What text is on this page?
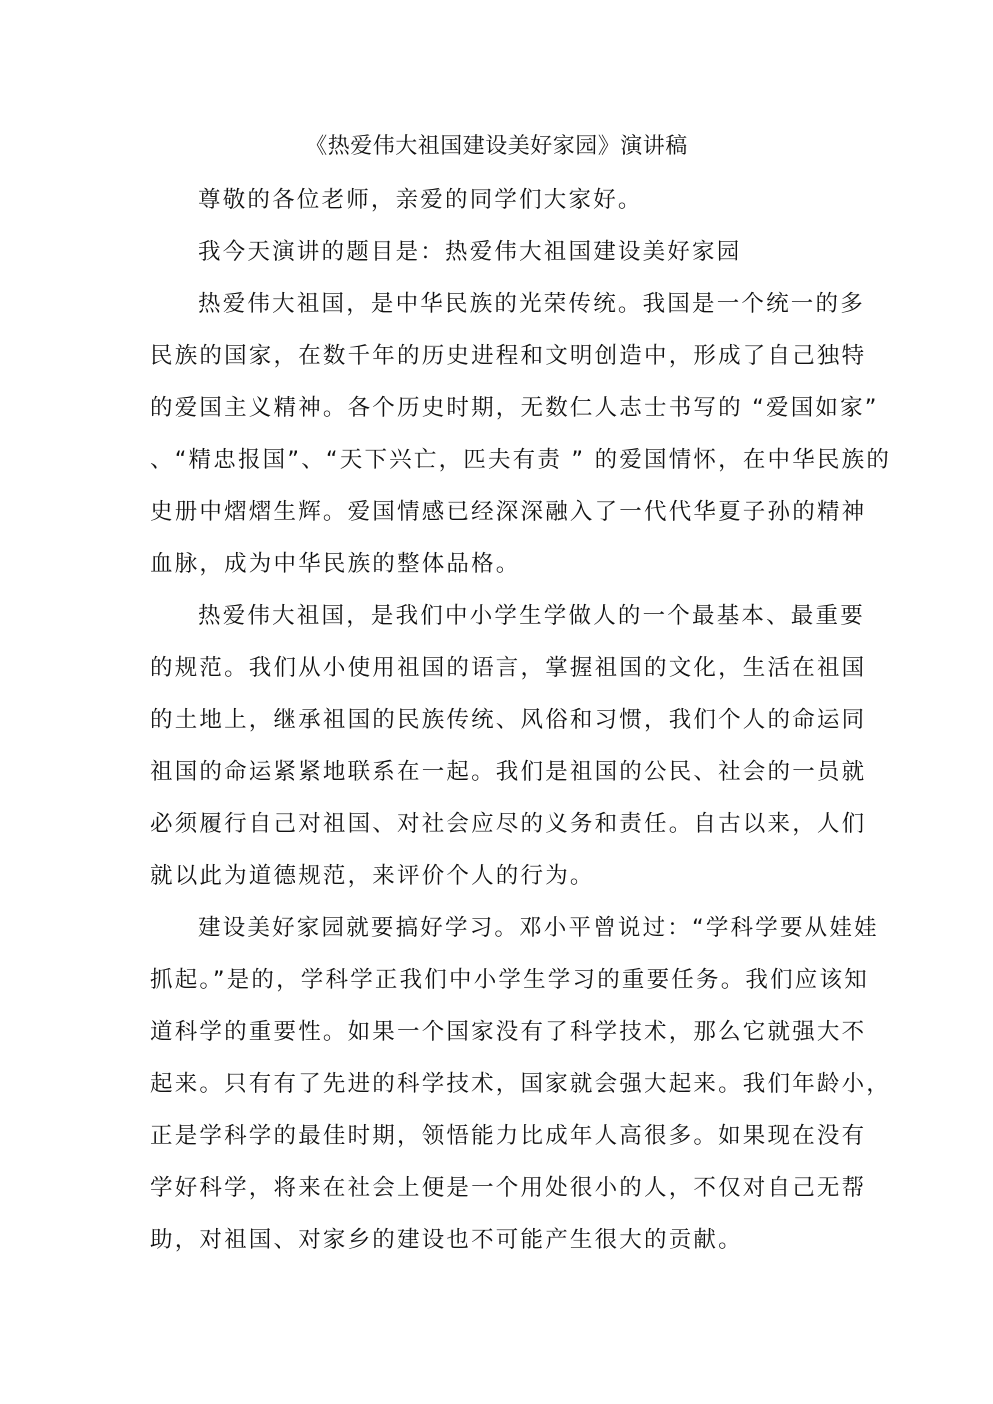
《热爱伟大祖国建设美好家园》演讲稿
尊敬的各位老师，亲爱的同学们大家好。
我今天演讲的题目是：热爱伟大祖国建设美好家园
热爱伟大祖国，是中华民族的光荣传统。我国是一个统一的多
民族的国家，在数千年的历史进程和文明创造中，形成了自己独特
的爱国主义精神。各个历史时期，无数仁人志士书写的 “爱国如家”
、“精忠报国”、“天下兴亡，匹夫有责 ” 的爱国情怀，在中华民族的
史册中熠熠生辉。爱国情感已经深深融入了一代代华夏子孙的精神
血脉，成为中华民族的整体品格。
热爱伟大祖国，是我们中小学生学做人的一个最基本、最重要
的规范。我们从小使用祖国的语言，掌握祖国的文化，生活在祖国
的土地上，继承祖国的民族传统、风俗和习惯，我们个人的命运同
祖国的命运紧紧地联系在一起。我们是祖国的公民、社会的一员就
必须履行自己对祖国、对社会应尽的义务和责任。自古以来，人们
就以此为道德规范，来评价个人的行为。
建设美好家园就要搞好学习。邓小平曾说过：“学科学要从娃娃
抓起。”是的，学科学正我们中小学生学习的重要任务。我们应该知
道科学的重要性。如果一个国家没有了科学技术，那么它就强大不
起来。只有有了先进的科学技术，国家就会强大起来。我们年龄小，
正是学科学的最佳时期，领悟能力比成年人高很多。如果现在没有
学好科学，将来在社会上便是一个用处很小的人，不仅对自己无帮
助，对祖国、对家乡的建设也不可能产生很大的贡献。
